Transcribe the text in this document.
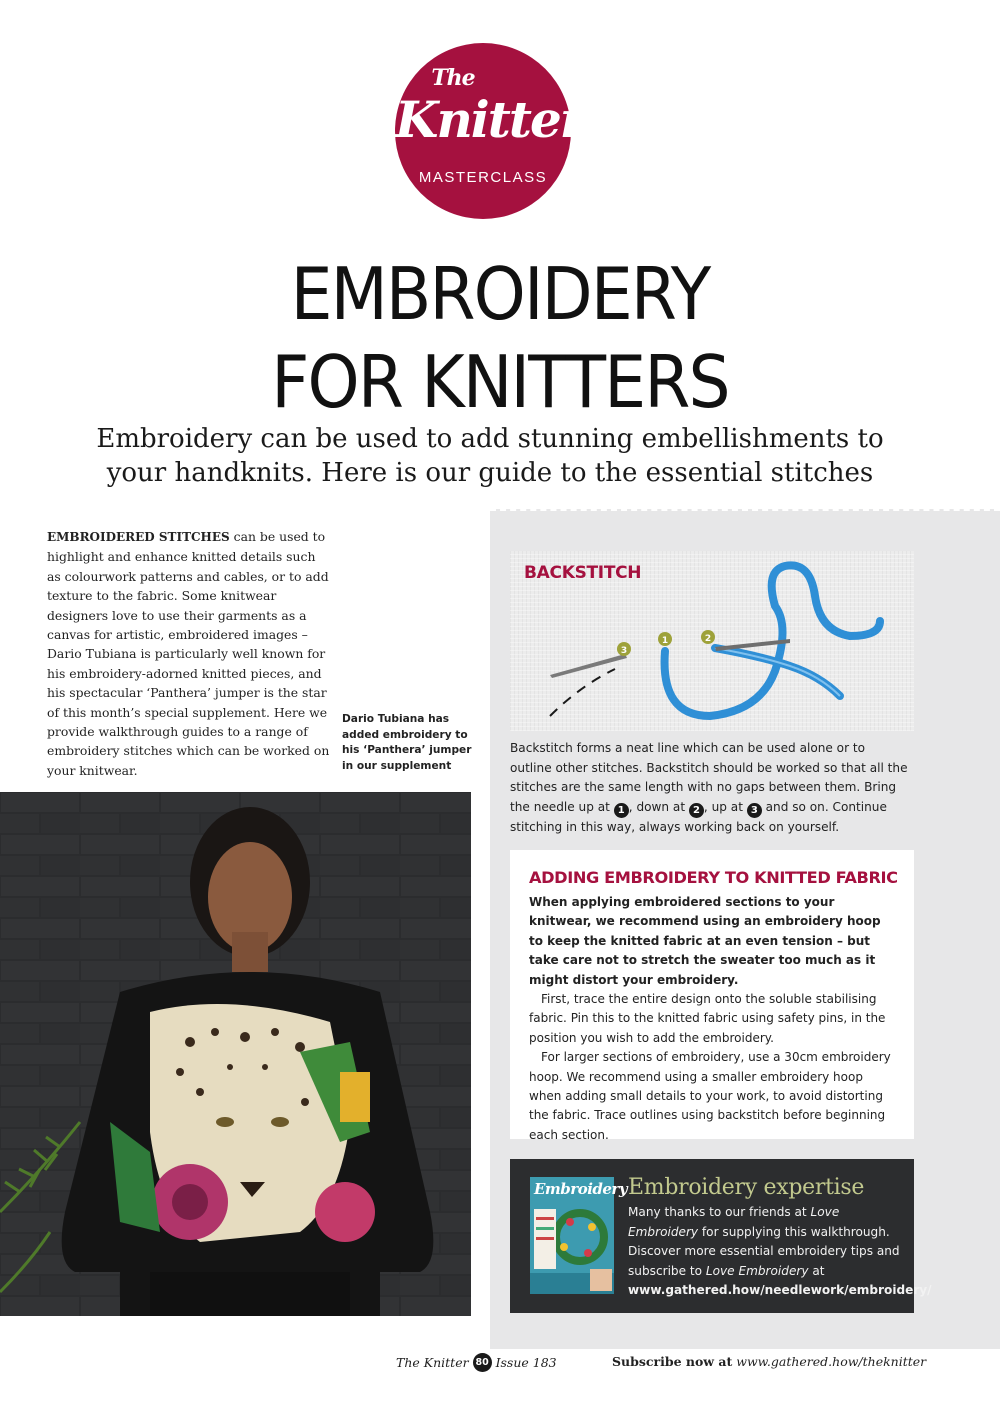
The
Knitter
MASTERCLASS
EMBROIDERY
FOR KNITTERS
Embroidery can be used to add stunning embellishments to
your handknits. Here is our guide to the essential stitches

EMBROIDERED STITCHES can be used to highlight and enhance knitted details such as colourwork patterns and cables, or to add texture to the fabric. Some knitwear designers love to use their garments as a canvas for artistic, embroidered images – Dario Tubiana is particularly well known for his embroidery-adorned knitted pieces, and his spectacular ‘Panthera’ jumper is the star of this month’s special supplement. Here we provide walkthrough guides to a range of embroidery stitches which can be worked on your knitwear.

Dario Tubiana has added embroidery to his ‘Panthera’ jumper in our supplement

BACKSTITCH
3
1	2

Backstitch forms a neat line which can be used alone or to outline other stitches. Backstitch should be worked so that all the stitches are the same length with no gaps between them. Bring the needle up at 1 , down at 2 , up at 3 and so on. Continue stitching in this way, always working back on yourself.

ADDING EMBROIDERY TO KNITTED FABRIC

When applying embroidered sections to your knitwear, we recommend using an embroidery hoop to keep the knitted fabric at an even tension – but take care not to stretch the sweater too much as it might distort your embroidery.

First, trace the entire design onto the soluble stabilising fabric. Pin this to the knitted fabric using safety pins, in the position you wish to add the embroidery.

For larger sections of embroidery, use a 30cm embroidery hoop. We recommend using a smaller embroidery hoop when adding small details to your work, to avoid distorting the fabric. Trace outlines using backstitch before beginning each section.

Embroidery Embroidery expertise

Many thanks to our friends at Love Embroidery for supplying this walkthrough. Discover more essential embroidery tips and subscribe to Love Embroidery at www.gathered.how/needlework/embroidery/

The Knitter 80 Issue 183	Subscribe now at www.gathered.how/theknitter
